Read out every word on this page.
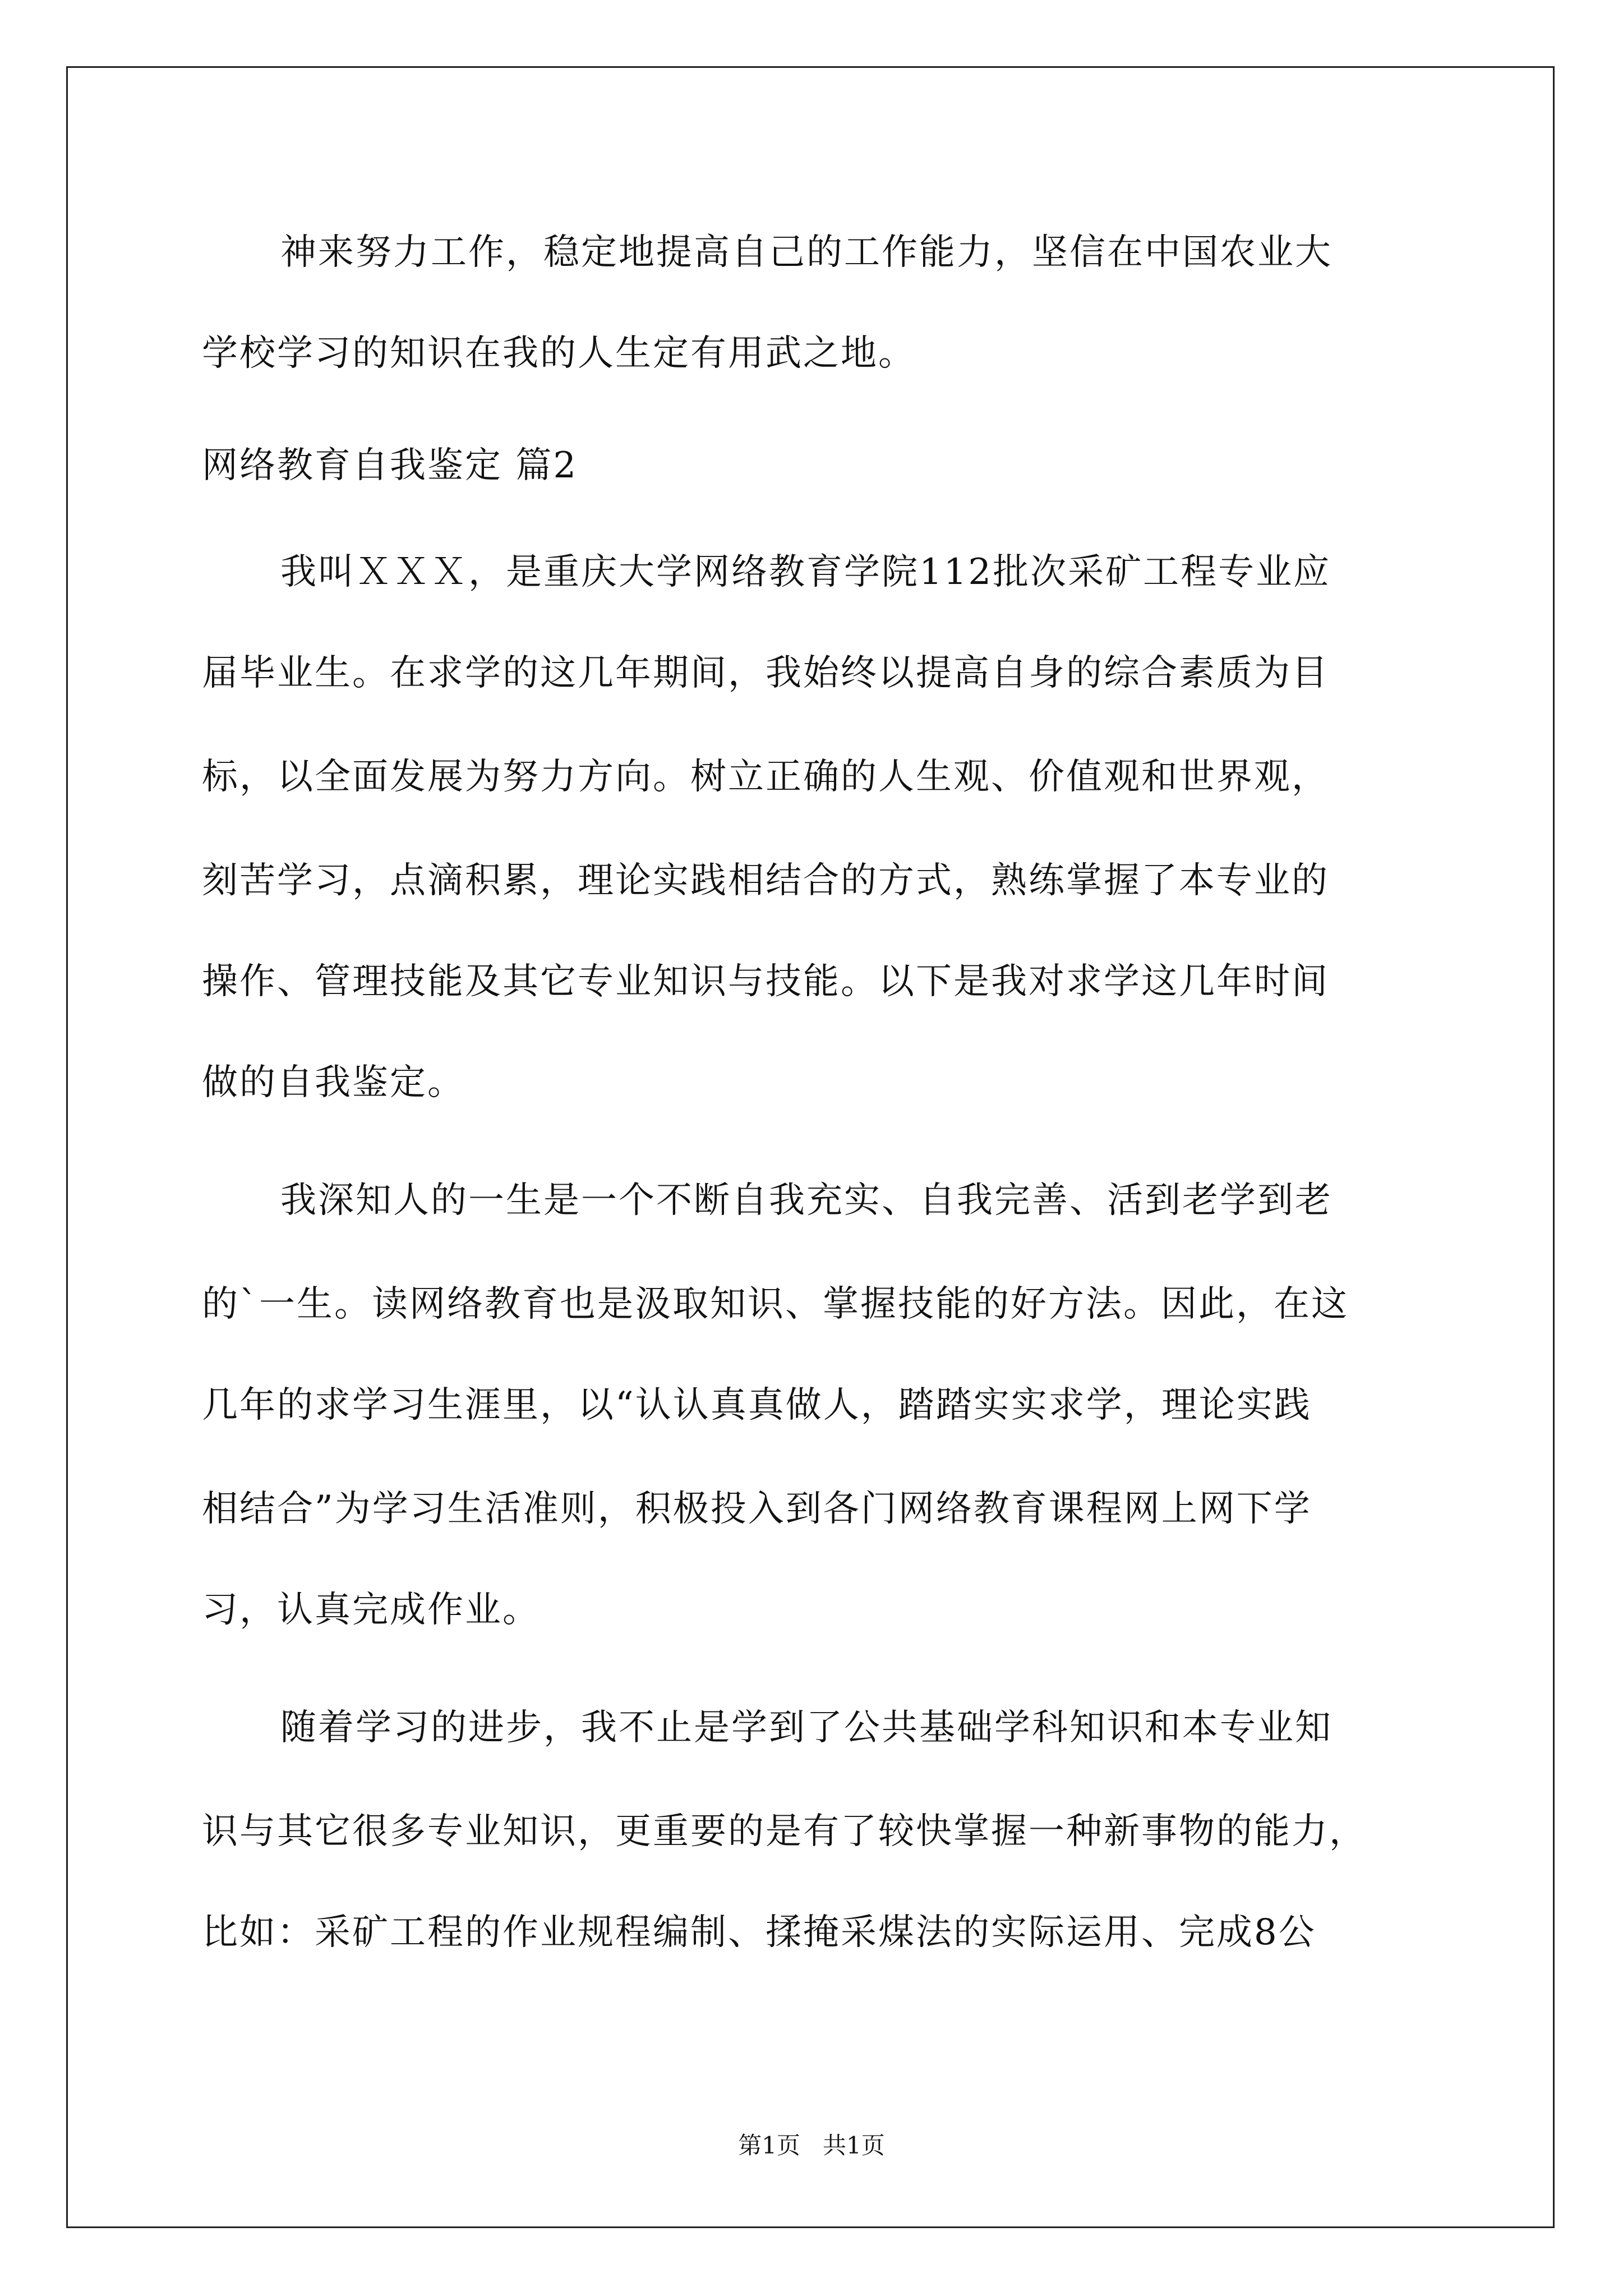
神来努力工作，稳定地提高自己的工作能力，坚信在中国农业大
学校学习的知识在我的人生定有用武之地。
网络教育自我鉴定 篇2
我叫ＸＸＸ，是重庆大学网络教育学院112批次采矿工程专业应
届毕业生。在求学的这几年期间，我始终以提高自身的综合素质为目
标，以全面发展为努力方向。树立正确的人生观、价值观和世界观，
刻苦学习，点滴积累，理论实践相结合的方式，熟练掌握了本专业的
操作、管理技能及其它专业知识与技能。以下是我对求学这几年时间
做的自我鉴定。
我深知人的一生是一个不断自我充实、自我完善、活到老学到老
的`一生。读网络教育也是汲取知识、掌握技能的好方法。因此，在这
几年的求学习生涯里，以“认认真真做人，踏踏实实求学，理论实践
相结合”为学习生活准则，积极投入到各门网络教育课程网上网下学
习，认真完成作业。
随着学习的进步，我不止是学到了公共基础学科知识和本专业知
识与其它很多专业知识，更重要的是有了较快掌握一种新事物的能力，
比如：采矿工程的作业规程编制、揉掩采煤法的实际运用、完成8公
第1页   共1页
